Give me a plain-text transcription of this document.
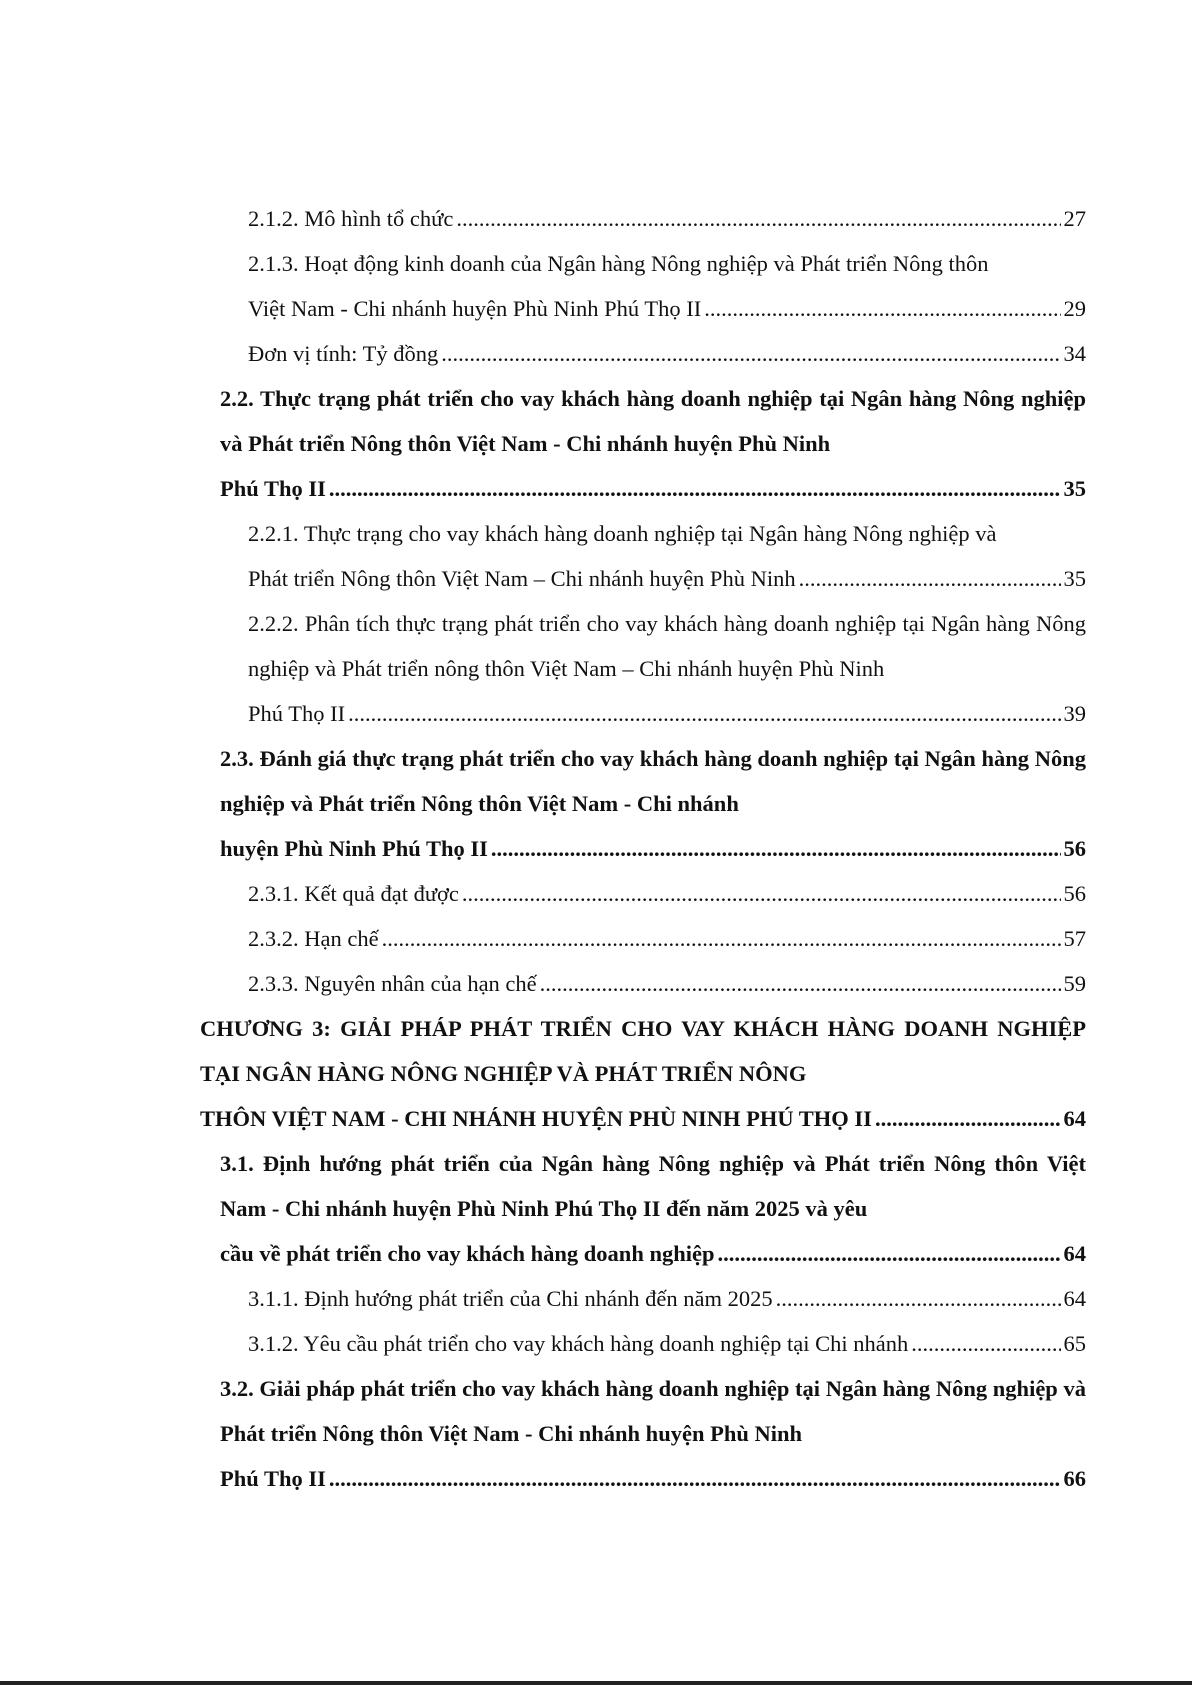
2.1.2. Mô hình tổ chức .....	27
2.1.3. Hoạt động kinh doanh của Ngân hàng Nông nghiệp và Phát triển Nông thôn
Việt Nam - Chi nhánh huyện Phù Ninh Phú Thọ II .....	29
Đơn vị tính: Tỷ đồng .....	34
2.2. Thực trạng phát triển cho vay khách hàng doanh nghiệp tại Ngân hàng Nông nghiệp và Phát triển Nông thôn Việt Nam - Chi nhánh huyện Phù Ninh
Phú Thọ II .....	35
2.2.1. Thực trạng cho vay khách hàng doanh nghiệp tại Ngân hàng Nông nghiệp và
Phát triển Nông thôn Việt Nam – Chi nhánh huyện Phù Ninh .....	35
2.2.2. Phân tích thực trạng phát triển cho vay khách hàng doanh nghiệp tại Ngân hàng Nông nghiệp và Phát triển nông thôn Việt Nam – Chi nhánh huyện Phù Ninh
Phú Thọ II .....	39
2.3. Đánh giá thực trạng phát triển cho vay khách hàng doanh nghiệp tại Ngân hàng Nông nghiệp và Phát triển Nông thôn Việt Nam - Chi nhánh
huyện Phù Ninh Phú Thọ II .....	56
2.3.1. Kết quả đạt được .....	56
2.3.2. Hạn chế .....	57
2.3.3. Nguyên nhân của hạn chế .....	59
CHƯƠNG 3: GIẢI PHÁP PHÁT TRIỂN CHO VAY KHÁCH HÀNG DOANH NGHIỆP TẠI NGÂN HÀNG NÔNG NGHIỆP VÀ PHÁT TRIỂN NÔNG
THÔN VIỆT NAM - CHI NHÁNH HUYỆN PHÙ NINH PHÚ THỌ II .....	64
3.1. Định hướng phát triển của Ngân hàng Nông nghiệp và Phát triển Nông thôn Việt Nam - Chi nhánh huyện Phù Ninh Phú Thọ II đến năm 2025 và yêu
cầu về phát triển cho vay khách hàng doanh nghiệp .....	64
3.1.1. Định hướng phát triển của Chi nhánh đến năm 2025 .....	64
3.1.2. Yêu cầu phát triển cho vay khách hàng doanh nghiệp tại Chi nhánh .....	65
3.2. Giải pháp phát triển cho vay khách hàng doanh nghiệp tại Ngân hàng Nông nghiệp và Phát triển Nông thôn Việt Nam - Chi nhánh huyện Phù Ninh
Phú Thọ II .....	66
